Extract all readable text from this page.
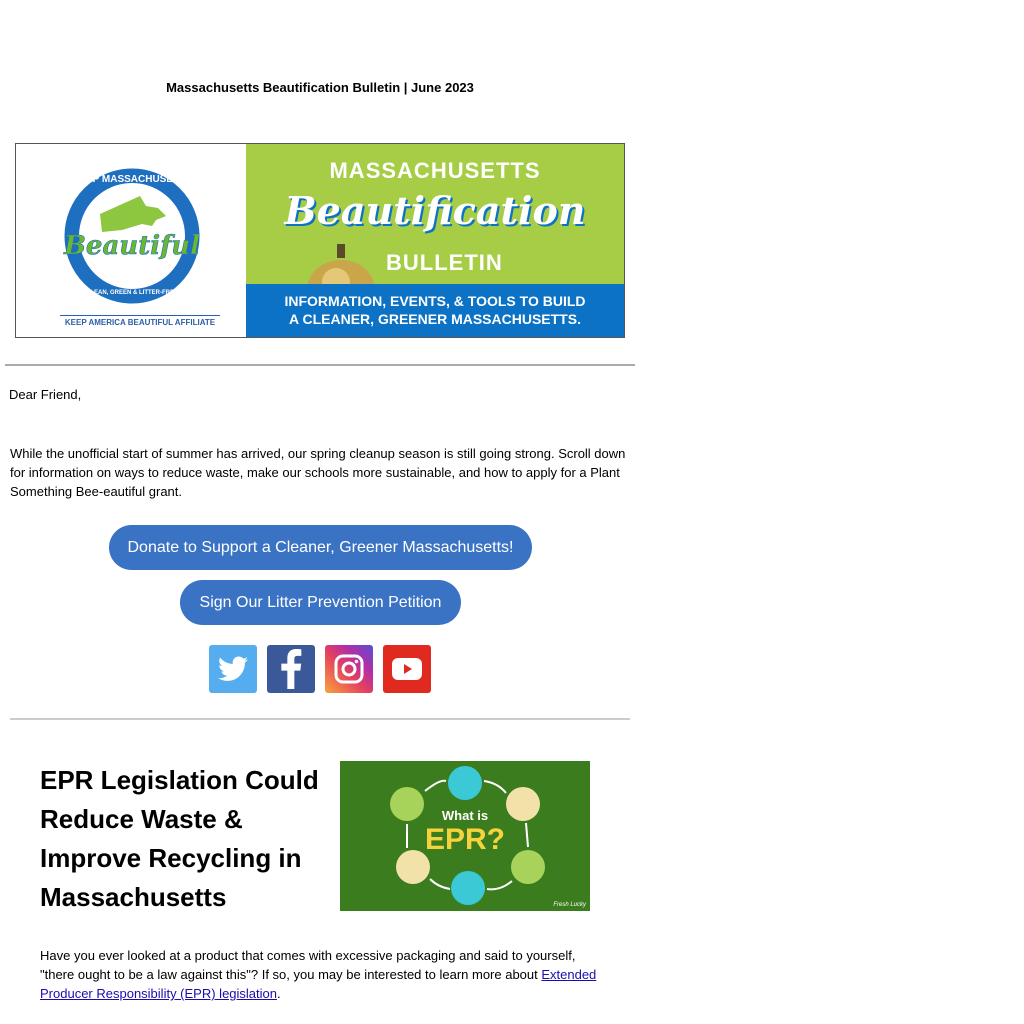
Massachusetts Beautification Bulletin | June 2023
Beautiful
KEEP MASSACHUSETTS
CLEAN, GREEN & LITTER-FREE
KEEP AMERICA BEAUTIFUL AFFILIATE
MASSACHUSETTS
Beautification
BULLETIN
INFORMATION, EVENTS, & TOOLS TO BUILD
A CLEANER, GREENER MASSACHUSETTS.
Dear Friend,
While the unofficial start of summer has arrived, our spring cleanup season is still going strong. Scroll down for information on ways to reduce waste, make our schools more sustainable, and how to apply for a Plant Something Bee-eautiful grant.
Donate to Support a Cleaner, Greener Massachusetts!
Sign Our Litter Prevention Petition
EPR Legislation Could Reduce Waste & Improve Recycling in Massachusetts
What is
EPR?
Fresh Lucky
Have you ever looked at a product that comes with excessive packaging and said to yourself, "there ought to be a law against this"? If so, you may be interested to learn more about Extended Producer Responsibility (EPR) legislation.
